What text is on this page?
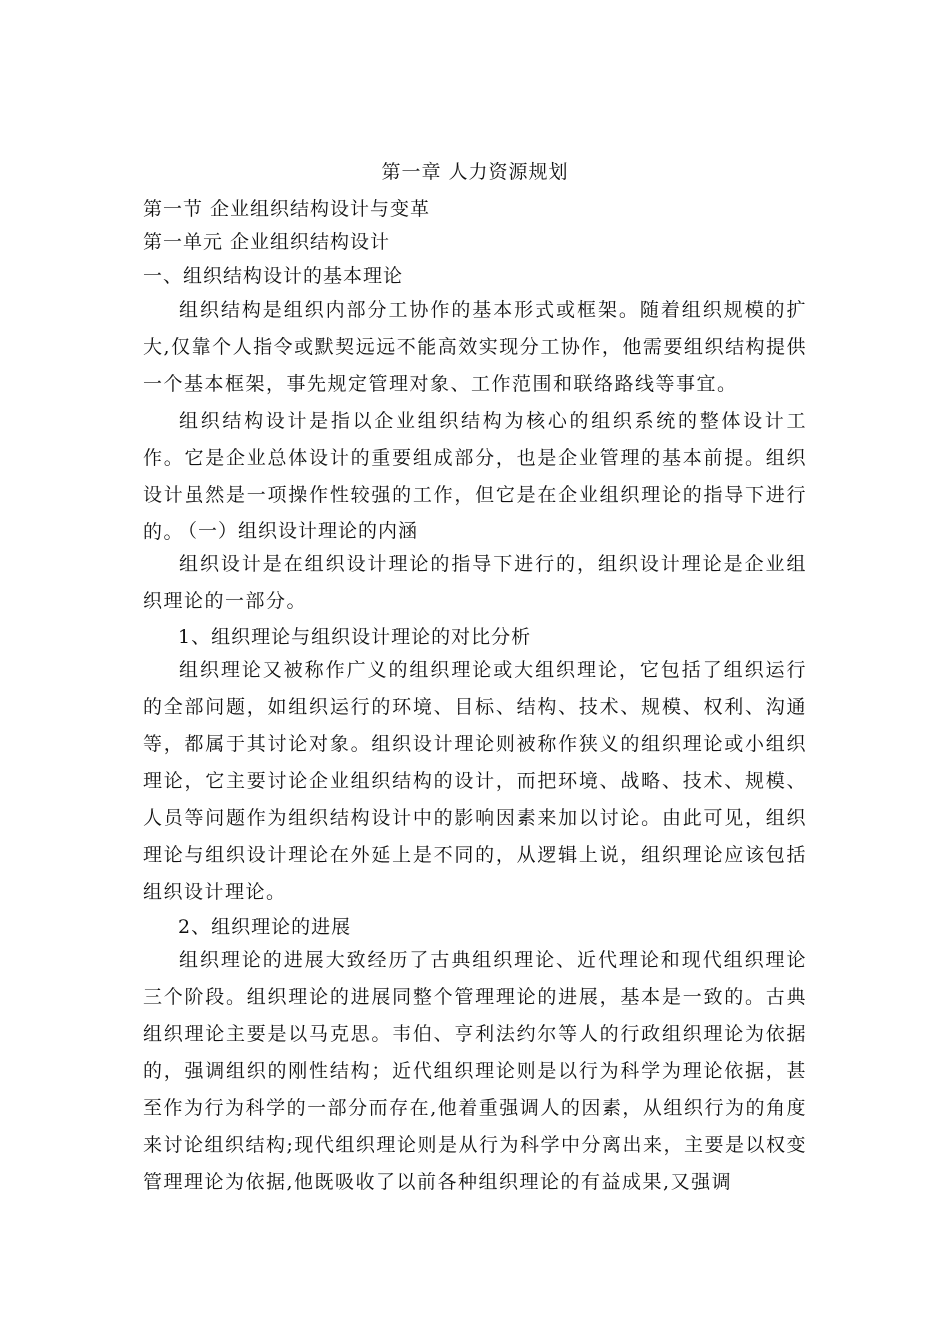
第一章 人力资源规划
第一节 企业组织结构设计与变革
第一单元 企业组织结构设计
一、组织结构设计的基本理论

组织结构是组织内部分工协作的基本形式或框架。随着组织规模的扩大,仅靠个人指令或默契远远不能高效实现分工协作，他需要组织结构提供一个基本框架，事先规定管理对象、工作范围和联络路线等事宜。

组织结构设计是指以企业组织结构为核心的组织系统的整体设计工作。它是企业总体设计的重要组成部分，也是企业管理的基本前提。组织设计虽然是一项操作性较强的工作，但它是在企业组织理论的指导下进行的。

（一）组织设计理论的内涵

组织设计是在组织设计理论的指导下进行的，组织设计理论是企业组织理论的一部分。

1、组织理论与组织设计理论的对比分析

组织理论又被称作广义的组织理论或大组织理论，它包括了组织运行的全部问题，如组织运行的环境、目标、结构、技术、规模、权利、沟通等，都属于其讨论对象。组织设计理论则被称作狭义的组织理论或小组织理论，它主要讨论企业组织结构的设计，而把环境、战略、技术、规模、人员等问题作为组织结构设计中的影响因素来加以讨论。由此可见，组织理论与组织设计理论在外延上是不同的，从逻辑上说，组织理论应该包括组织设计理论。

2、组织理论的进展

组织理论的进展大致经历了古典组织理论、近代理论和现代组织理论三个阶段。组织理论的进展同整个管理理论的进展，基本是一致的。古典组织理论主要是以马克思。韦伯、亨利法约尔等人的行政组织理论为依据的，强调组织的刚性结构；近代组织理论则是以行为科学为理论依据，甚至作为行为科学的一部分而存在,他着重强调人的因素，从组织行为的角度来讨论组织结构;现代组织理论则是从行为科学中分离出来，主要是以权变管理理论为依据,他既吸收了以前各种组织理论的有益成果,又强调
